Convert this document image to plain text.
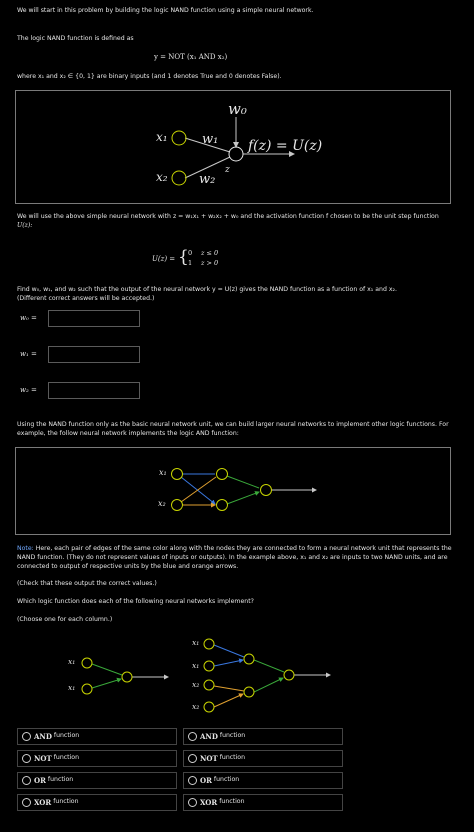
We will start in this problem by building the logic NAND function using a simple neural network.
The logic NAND function is defined as
y = NOT (x₁ AND x₂)
where x₁ and x₂ ∈ {0, 1} are binary inputs (and 1 denotes True and 0 denotes False).
w₀
x₁	w₁
x₂ w₂
z
f(z) = U(z)
We will use the above simple neural network with z = w₁x₁ + w₂x₂ + w₀ and the activation function f chosen to be the unit step function
U(z):
U(z) = { 0 z ≤ 0
1 z > 0
Find w₀, w₁, and w₂ such that the output of the neural network y = U(z) gives the NAND function as a function of x₁ and x₂.
(Different correct answers will be accepted.)
w₀ =
w₁ =
w₂ =
Using the NAND function only as the basic neural network unit, we can build larger neural networks to implement other logic functions. For
example, the follow neural network implements the logic AND function:
x₁
x₂
Note: Here, each pair of edges of the same color along with the nodes they are connected to form a neural network unit that represents the
NAND function. (They do not represent values of inputs or outputs). In the example above, x₁ and x₂ are inputs to two NAND units, and are
connected to output of respective units by the blue and orange arrows.
(Check that these output the correct values.)
Which logic function does each of the following neural networks implement?
(Choose one for each column.)
x₁
x₁
x₁
x₁
x₂
x₂
AND function
NOT function
OR function
XOR function
AND function
NOT function
OR function
XOR function
